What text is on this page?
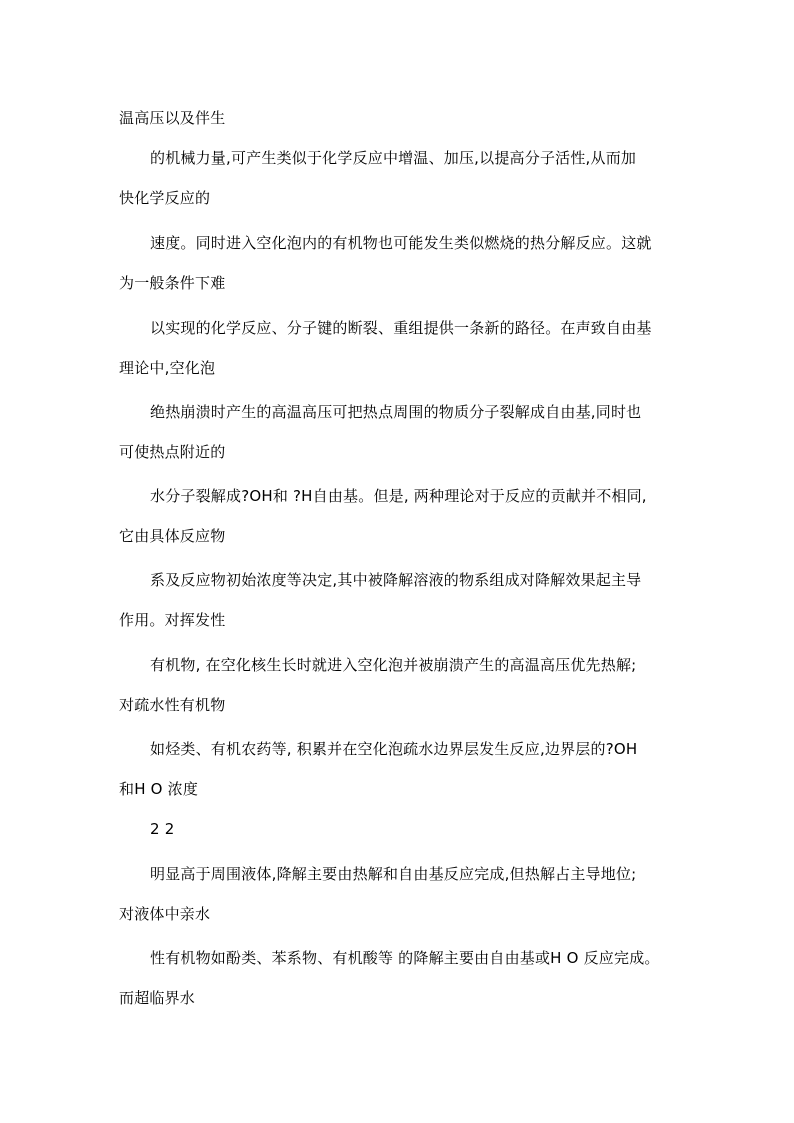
温高压以及伴生
的机械力量,可产生类似于化学反应中增温、加压,以提高分子活性,从而加
快化学反应的
速度。同时进入空化泡内的有机物也可能发生类似燃烧的热分解反应。这就
为一般条件下难
以实现的化学反应、分子键的断裂、重组提供一条新的路径。在声致自由基
理论中,空化泡
绝热崩溃时产生的高温高压可把热点周围的物质分子裂解成自由基,同时也
可使热点附近的
水分子裂解成?OH和 ?H自由基。但是, 两种理论对于反应的贡献并不相同,
它由具体反应物
系及反应物初始浓度等决定,其中被降解溶液的物系组成对降解效果起主导
作用。对挥发性
有机物, 在空化核生长时就进入空化泡并被崩溃产生的高温高压优先热解;
对疏水性有机物
如烃类、有机农药等, 积累并在空化泡疏水边界层发生反应,边界层的?OH
和H O 浓度
2 2
明显高于周围液体,降解主要由热解和自由基反应完成,但热解占主导地位;
对液体中亲水
性有机物如酚类、苯系物、有机酸等 的降解主要由自由基或H O 反应完成。
而超临界水
